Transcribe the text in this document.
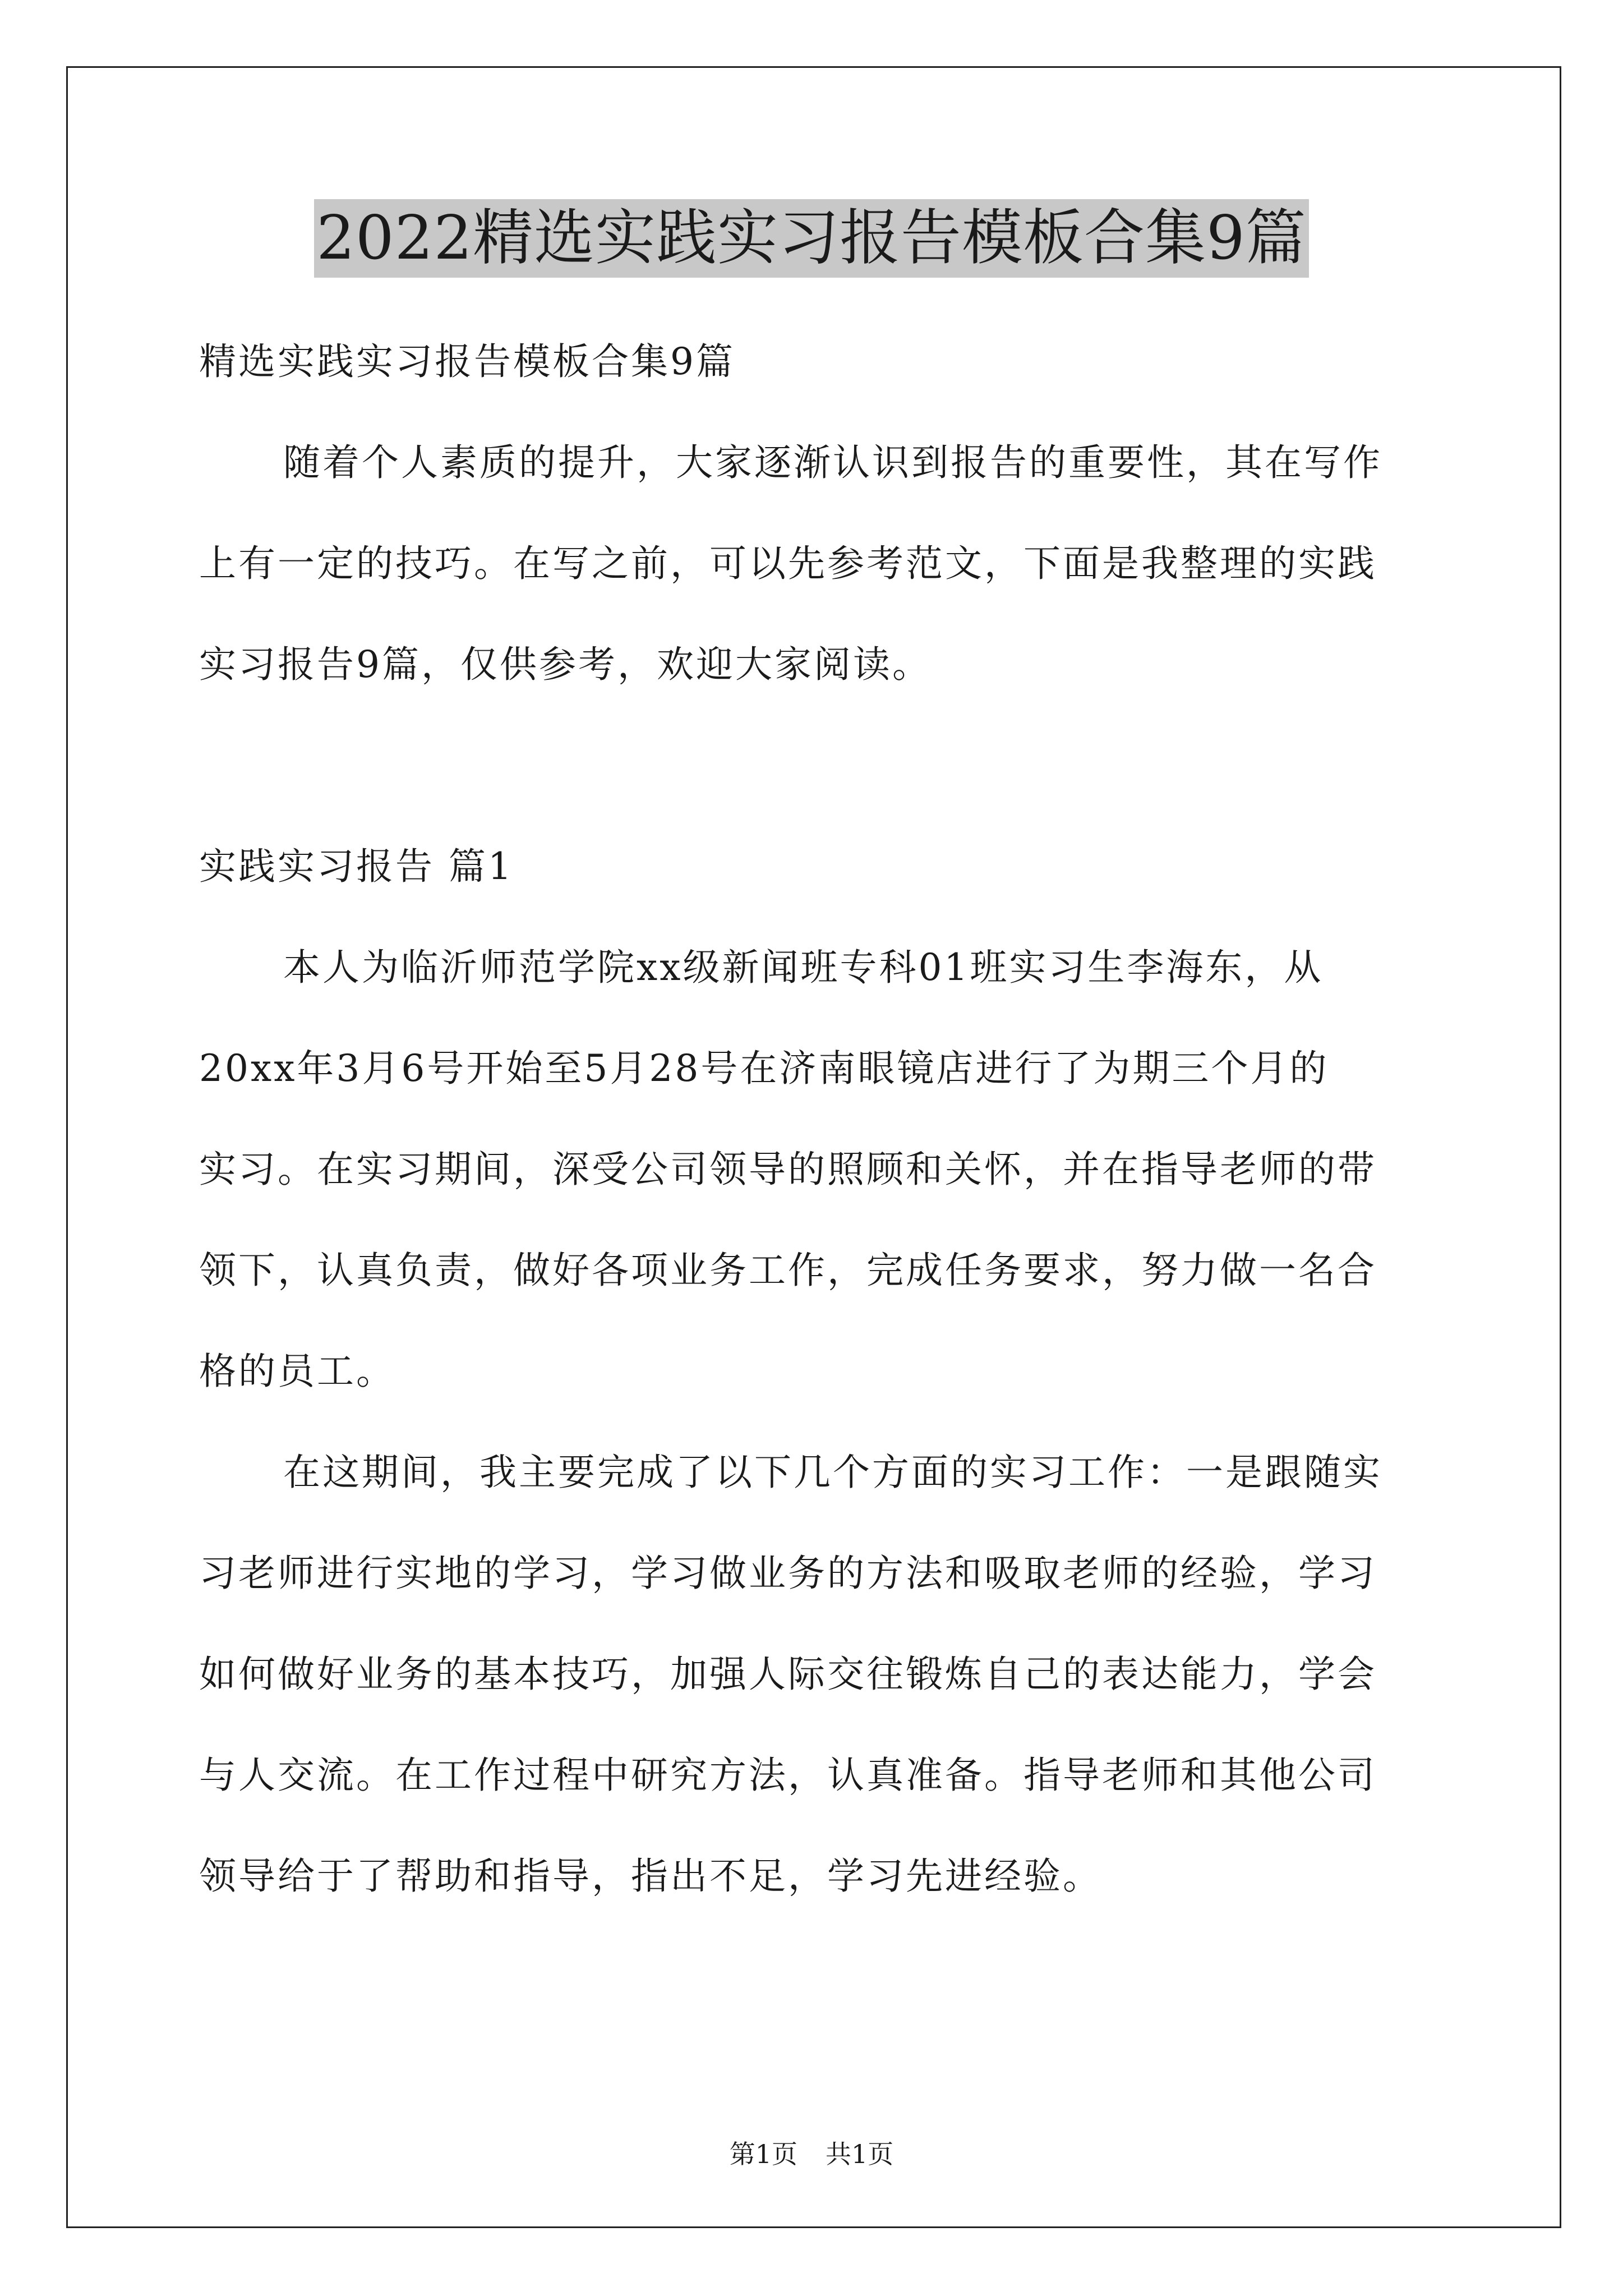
2022精选实践实习报告模板合集9篇
精选实践实习报告模板合集9篇
随着个人素质的提升，大家逐渐认识到报告的重要性，其在写作
上有一定的技巧。在写之前，可以先参考范文，下面是我整理的实践
实习报告9篇，仅供参考，欢迎大家阅读。
实践实习报告 篇1
本人为临沂师范学院xx级新闻班专科01班实习生李海东，从
20xx年3月6号开始至5月28号在济南眼镜店进行了为期三个月的
实习。在实习期间，深受公司领导的照顾和关怀，并在指导老师的带
领下，认真负责，做好各项业务工作，完成任务要求，努力做一名合
格的员工。
在这期间，我主要完成了以下几个方面的实习工作：一是跟随实
习老师进行实地的学习，学习做业务的方法和吸取老师的经验，学习
如何做好业务的基本技巧，加强人际交往锻炼自己的表达能力，学会
与人交流。在工作过程中研究方法，认真准备。指导老师和其他公司
领导给于了帮助和指导，指出不足，学习先进经验。
第1页 共1页
